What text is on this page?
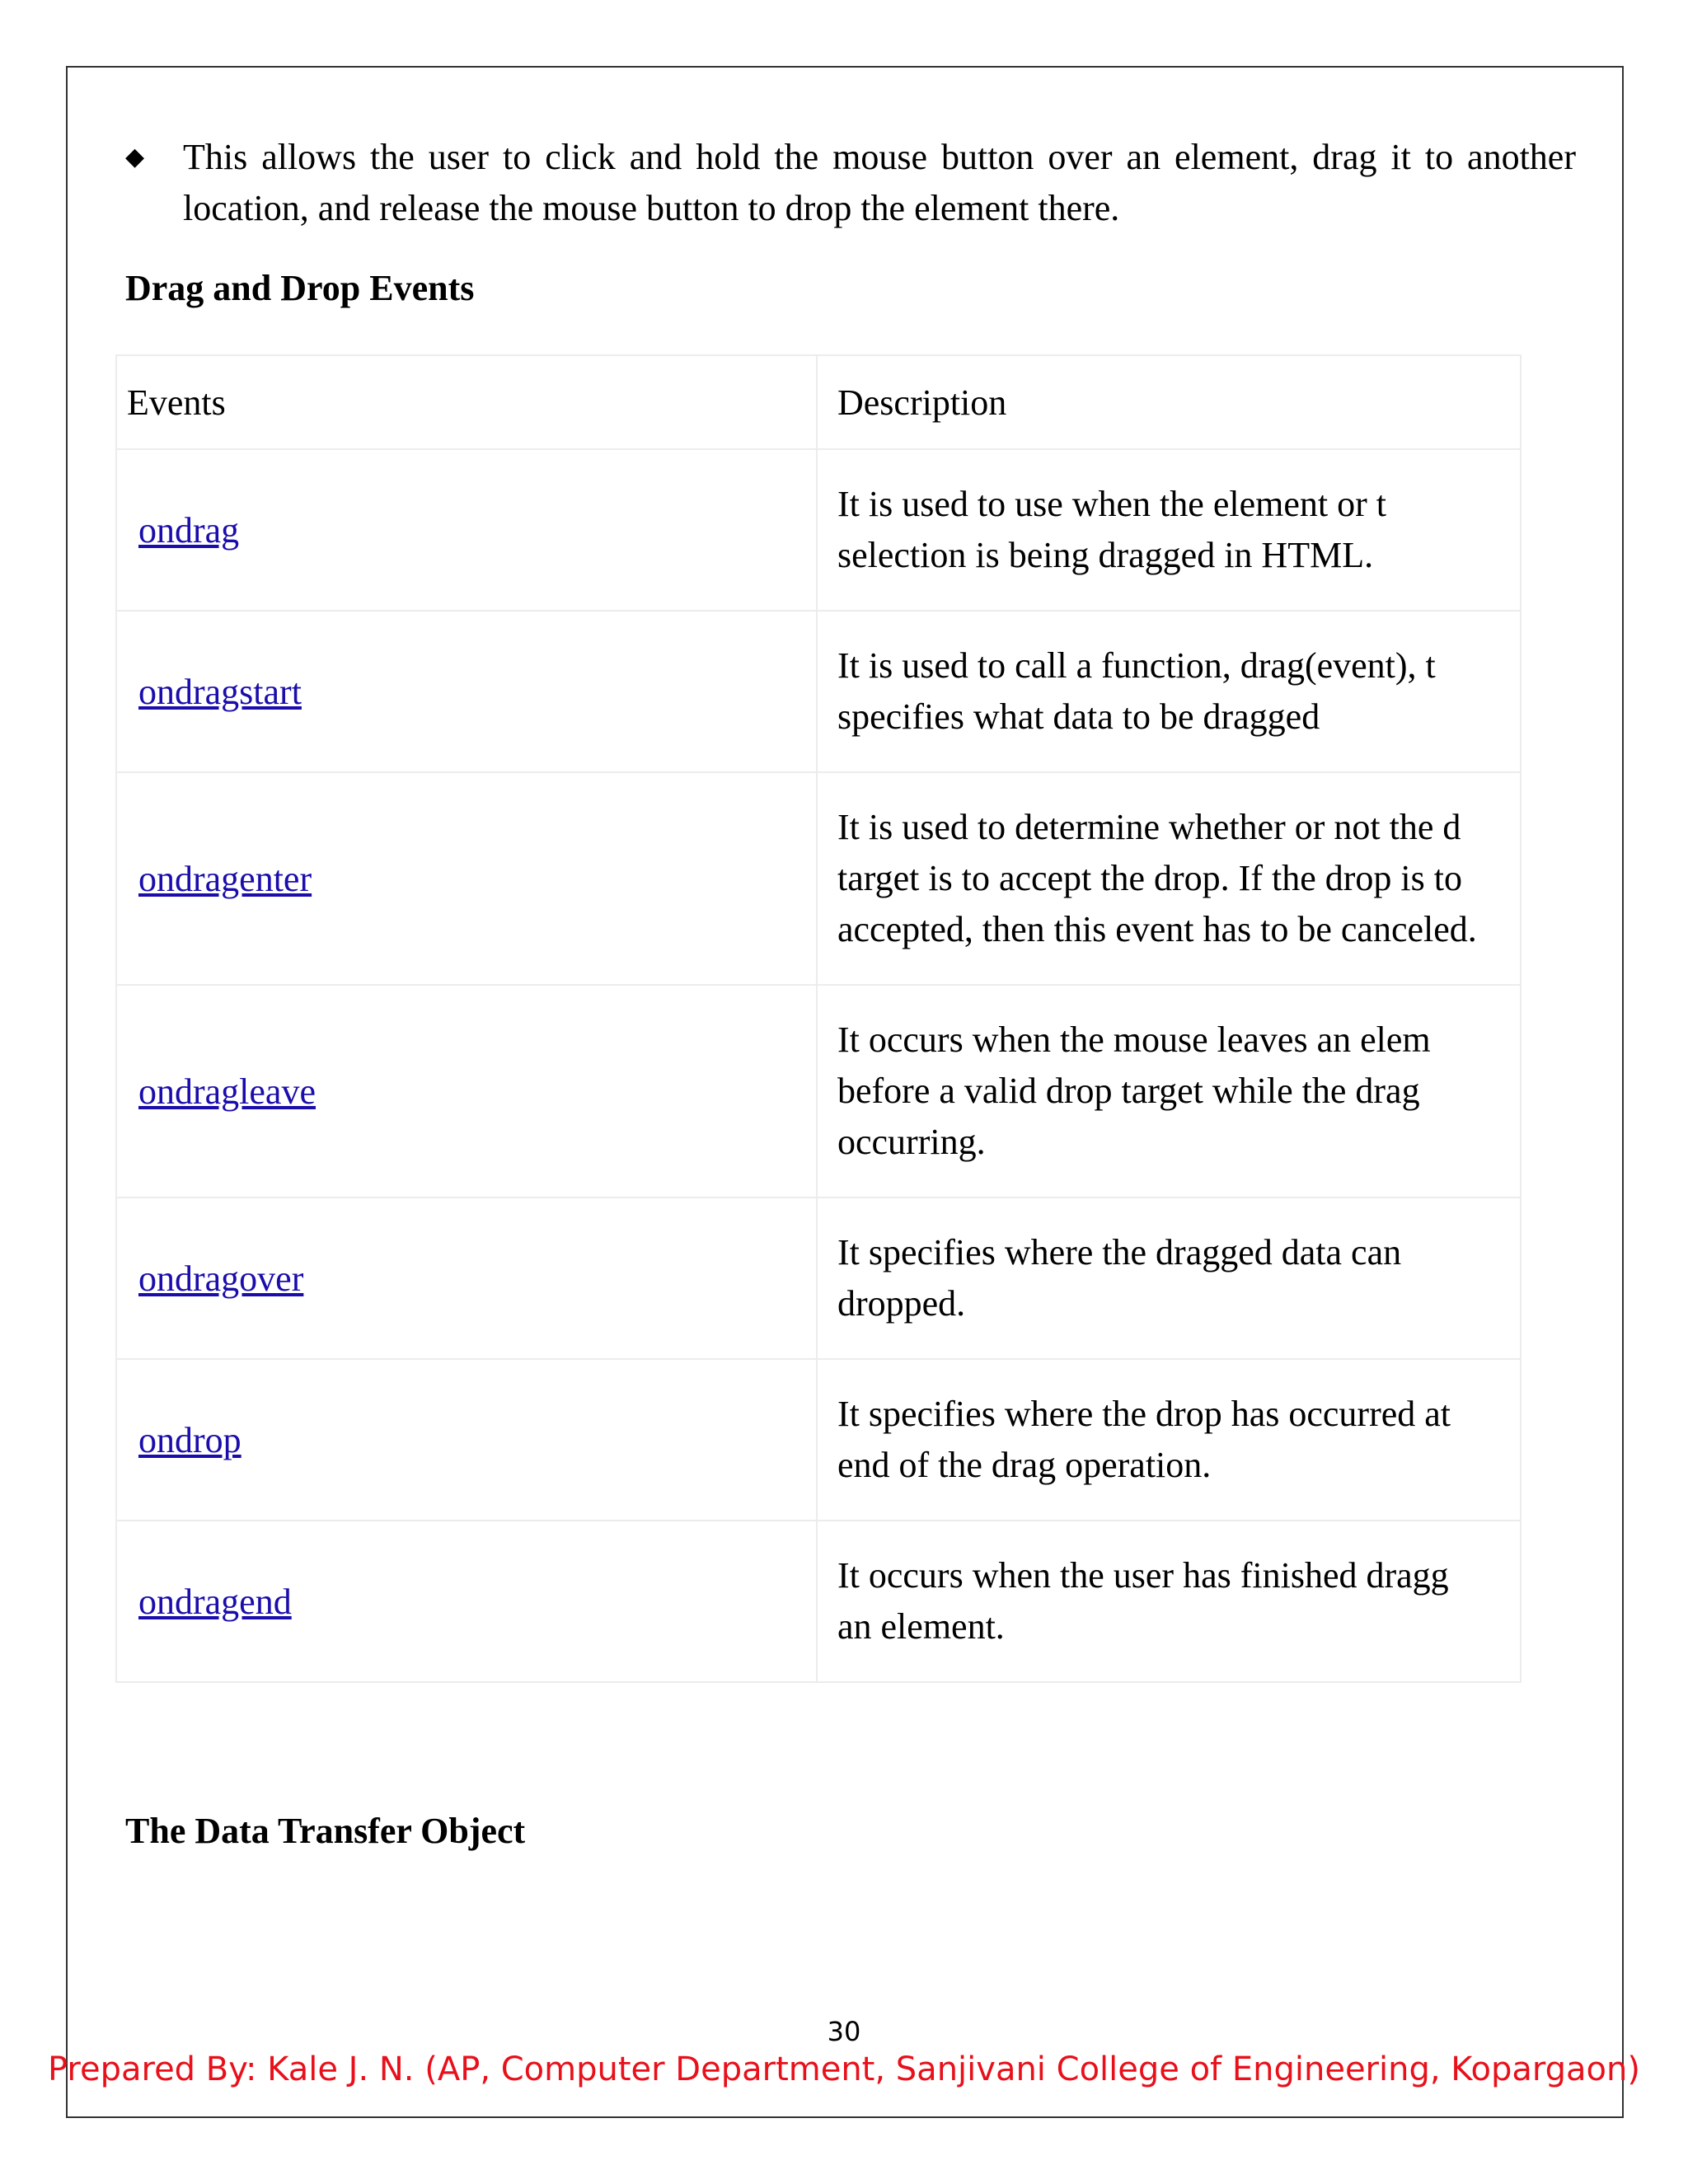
◆ This allows the user to click and hold the mouse button over an element, drag it to another location, and release the mouse button to drop the element there.
Drag and Drop Events
Events	Description
ondrag	It is used to use when the element or t
selection is being dragged in HTML.

ondragstart	It is used to call a function, drag(event), t
specifies what data to be dragged

ondragenter	It is used to determine whether or not the d
target is to accept the drop. If the drop is to
accepted, then this event has to be canceled.

ondragleave	It occurs when the mouse leaves an elem
before a valid drop target while the drag
occurring.

ondragover	It specifies where the dragged data can
dropped.

ondrop	It specifies where the drop has occurred at
end of the drag operation.

ondragend	It occurs when the user has finished dragg
an element.
The Data Transfer Object
30
Prepared By: Kale J. N. (AP, Computer Department, Sanjivani College of Engineering, Kopargaon)
